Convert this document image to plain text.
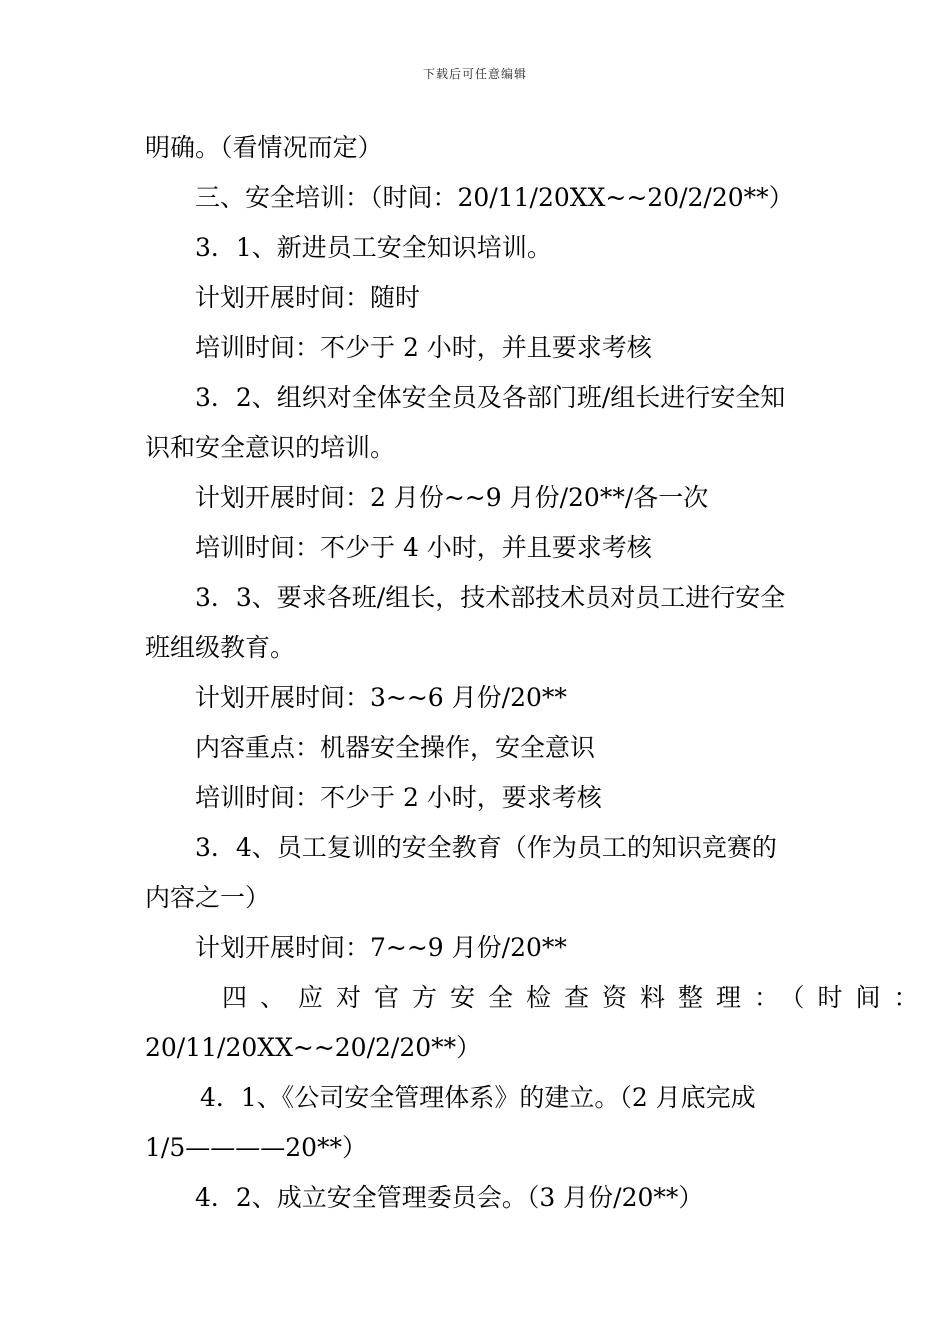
下载后可任意编辑
明确。（看情况而定）
三、安全培训：（时间：20/11/20XX~~20/2/20**）
3．1、新进员工安全知识培训。
计划开展时间：随时
培训时间：不少于 2 小时，并且要求考核
3．2、组织对全体安全员及各部门班/组长进行安全知
识和安全意识的培训。
计划开展时间：2 月份~~9 月份/20**/各一次
培训时间：不少于 4 小时，并且要求考核
3．3、要求各班/组长，技术部技术员对员工进行安全
班组级教育。
计划开展时间：3~~6 月份/20**
内容重点：机器安全操作，安全意识
培训时间：不少于 2 小时，要求考核
3．4、员工复训的安全教育（作为员工的知识竞赛的
内容之一）
计划开展时间：7~~9 月份/20**
四、应对官方安全检查资料整理：（时间：
20/11/20XX~~20/2/20**）
4．1、《公司安全管理体系》的建立。（2 月底完成
1/5————20**）
4．2、成立安全管理委员会。（3 月份/20**）
